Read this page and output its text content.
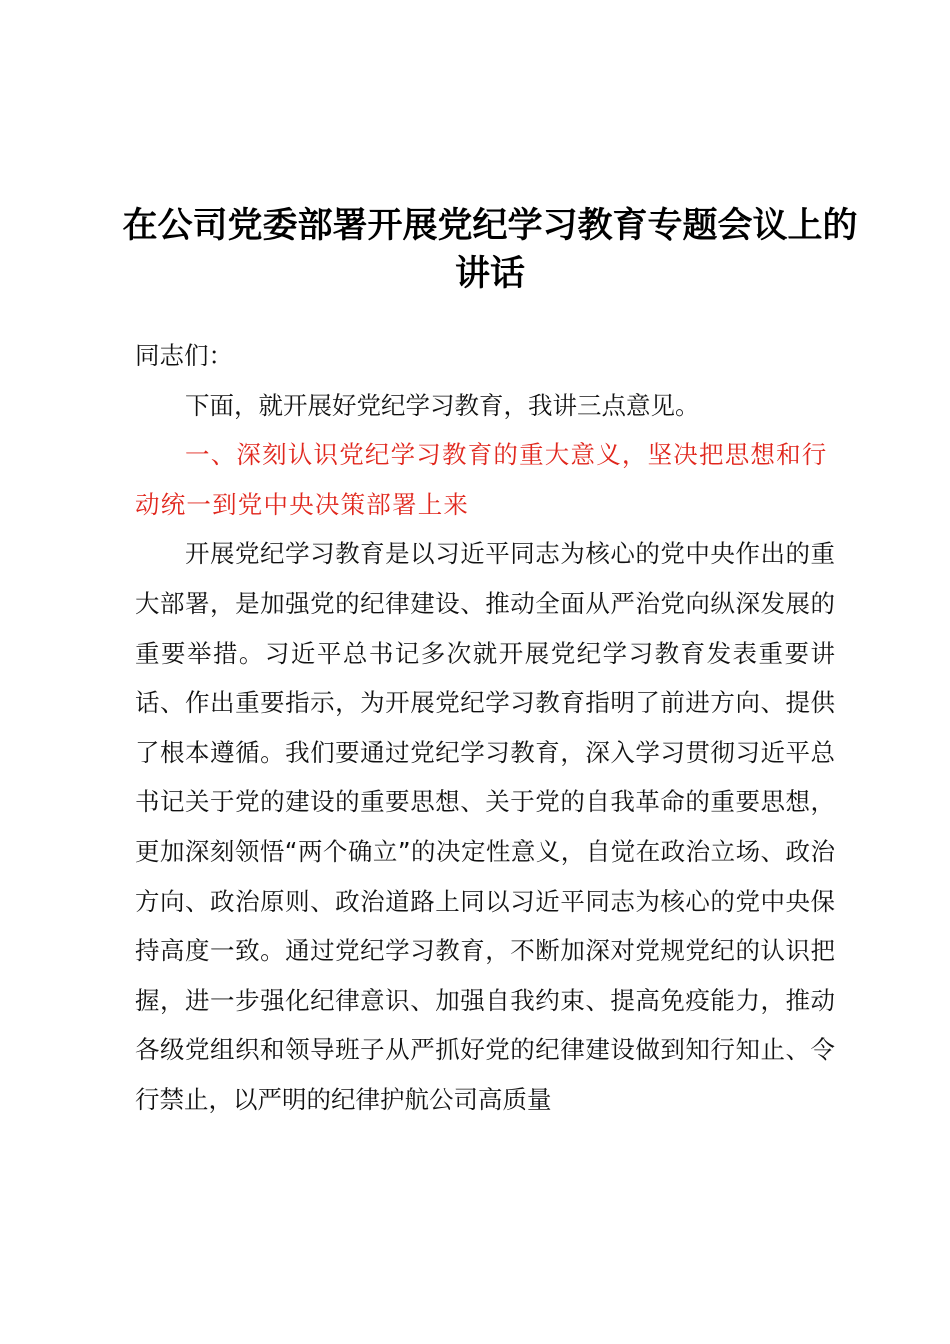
在公司党委部署开展党纪学习教育专题会议上的讲话

同志们：

下面，就开展好党纪学习教育，我讲三点意见。

一、深刻认识党纪学习教育的重大意义，坚决把思想和行动统一到党中央决策部署上来

开展党纪学习教育是以习近平同志为核心的党中央作出的重大部署，是加强党的纪律建设、推动全面从严治党向纵深发展的重要举措。习近平总书记多次就开展党纪学习教育发表重要讲话、作出重要指示，为开展党纪学习教育指明了前进方向、提供了根本遵循。我们要通过党纪学习教育，深入学习贯彻习近平总书记关于党的建设的重要思想、关于党的自我革命的重要思想，更加深刻领悟“两个确立”的决定性意义，自觉在政治立场、政治方向、政治原则、政治道路上同以习近平同志为核心的党中央保持高度一致。通过党纪学习教育，不断加深对党规党纪的认识把握，进一步强化纪律意识、加强自我约束、提高免疫能力，推动各级党组织和领导班子从严抓好党的纪律建设做到知行知止、令行禁止，以严明的纪律护航公司高质量
